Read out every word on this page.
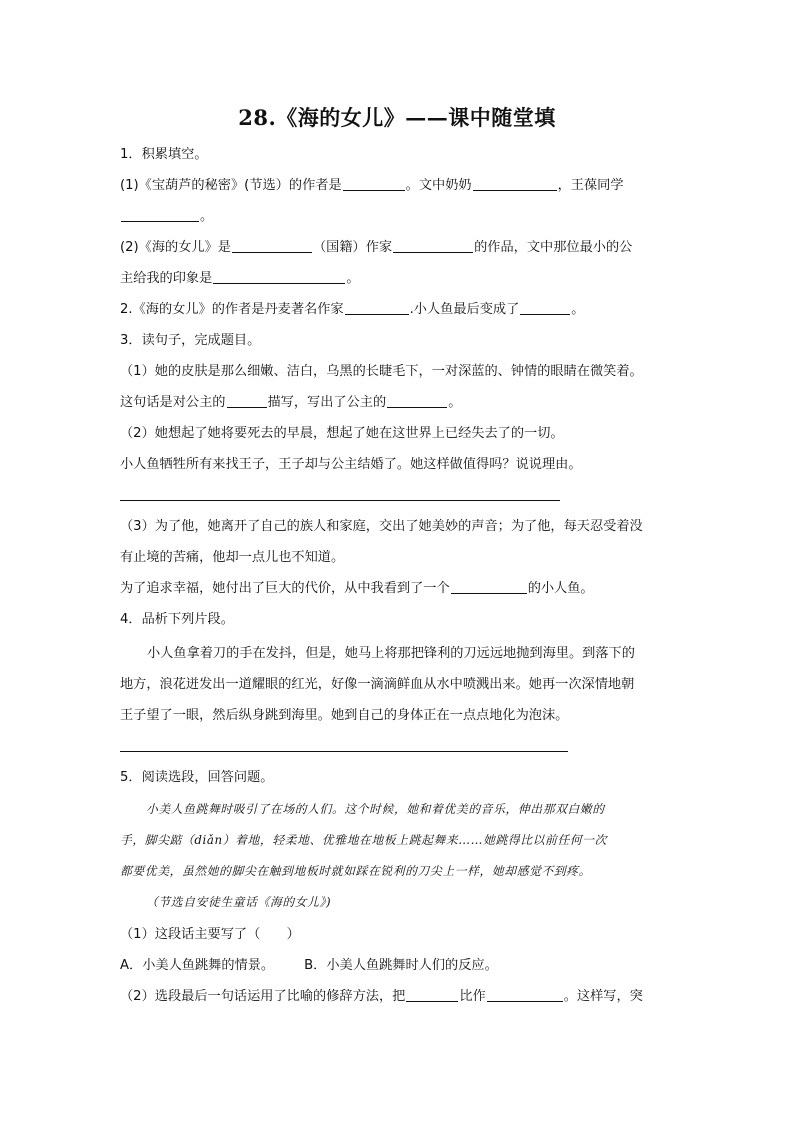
28.《海的女儿》——课中随堂填
1．积累填空。
(1)《宝葫芦的秘密》(节选）的作者是	。文中奶奶	，王葆同学
。
(2)《海的女儿》是	（国籍）作家	的作品，文中那位最小的公
主给我的印象是	。
2.《海的女儿》的作者是丹麦著名作家	.小人鱼最后变成了	。
3．读句子，完成题目。
（1）她的皮肤是那么细嫩、洁白，乌黑的长睫毛下，一对深蓝的、钟情的眼睛在微笑着。
这句话是对公主的	描写，写出了公主的	。
（2）她想起了她将要死去的早晨，想起了她在这世界上已经失去了的一切。
小人鱼牺牲所有来找王子，王子却与公主结婚了。她这样做值得吗？说说理由。
（3）为了他，她离开了自己的族人和家庭，交出了她美妙的声音；为了他，每天忍受着没
有止境的苦痛，他却一点儿也不知道。
为了追求幸福，她付出了巨大的代价，从中我看到了一个	的小人鱼。
4．品析下列片段。
小人鱼拿着刀的手在发抖，但是，她马上将那把锋利的刀远远地抛到海里。到落下的
地方，浪花迸发出一道耀眼的红光，好像一滴滴鲜血从水中喷溅出来。她再一次深情地朝
王子望了一眼，然后纵身跳到海里。她到自己的身体正在一点点地化为泡沫。
5．阅读选段，回答问题。
小美人鱼跳舞时吸引了在场的人们。这个时候，她和着优美的音乐，伸出那双白嫩的
手，脚尖踮（diǎn）着地，轻柔地、优雅地在地板上跳起舞来……她跳得比以前任何一次
都要优美，虽然她的脚尖在触到地板时就如踩在锐利的刀尖上一样，她却感觉不到疼。
（节选自安徒生童话《海的女儿》)
（1）这段话主要写了（　　）
A．小美人鱼跳舞的情景。 B．小美人鱼跳舞时人们的反应。
（2）选段最后一句话运用了比喻的修辞方法，把	比作	。这样写，突
